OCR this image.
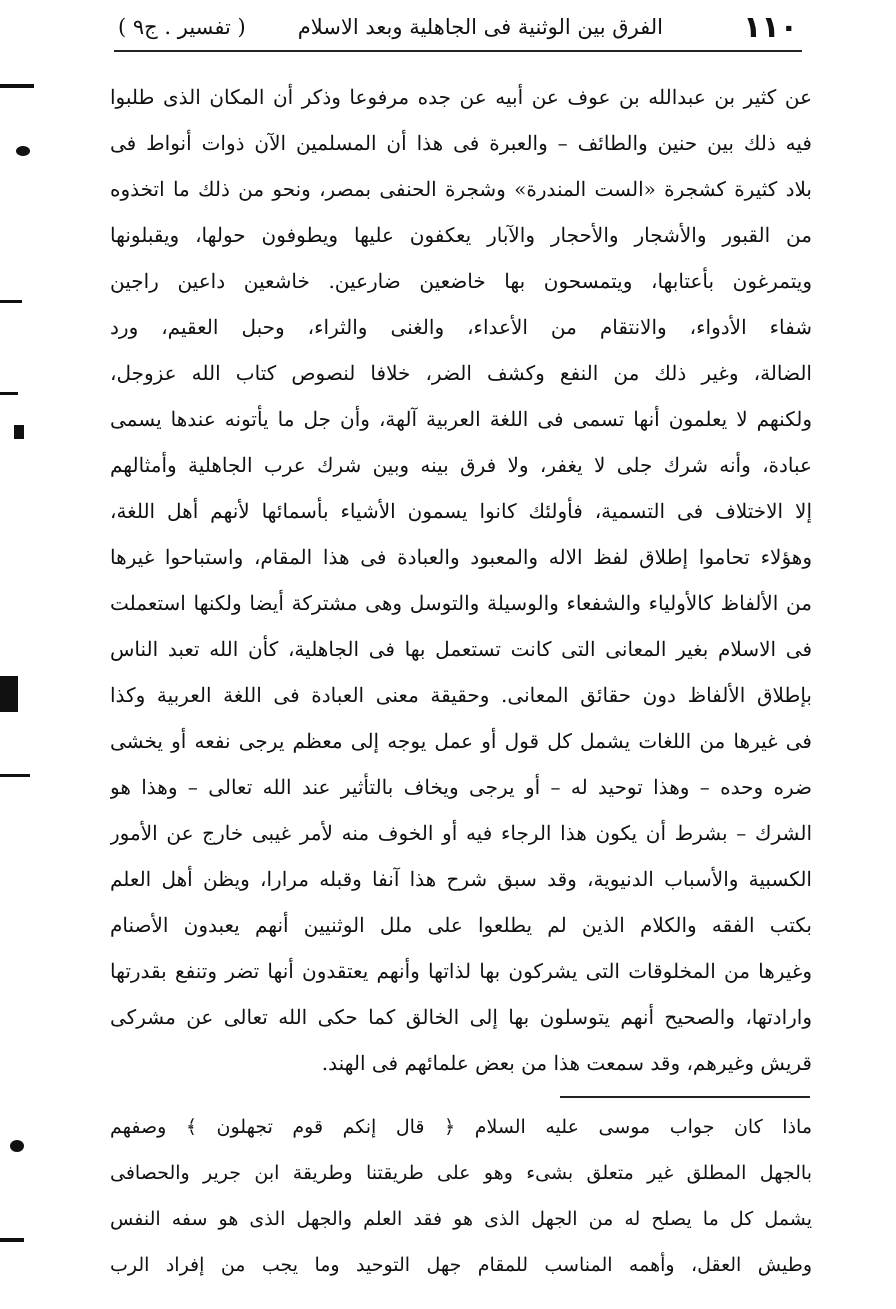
١١٠
الفرق بين الوثنية فى الجاهلية وبعد الاسلام
( تفسير . ج٩ )
عن كثير بن عبدالله بن عوف عن أبيه عن جده مرفوعا وذكر أن المكان الذى طلبوا
فيه ذلك بين حنين والطائف – والعبرة فى هذا أن المسلمين الآن ذوات أنواط فى
بلاد كثيرة كشجرة «الست المندرة» وشجرة الحنفى بمصر، ونحو من ذلك ما اتخذوه
من القبور والأشجار والأحجار والآبار يعكفون عليها ويطوفون حولها، ويقبلونها
ويتمرغون بأعتابها، ويتمسحون بها خاضعين ضارعين. خاشعين داعين راجين
شفاء الأدواء، والانتقام من الأعداء، والغنى والثراء، وحبل العقيم، ورد
الضالة، وغير ذلك من النفع وكشف الضر، خلافا لنصوص كتاب الله عزوجل،
ولكنهم لا يعلمون أنها تسمى فى اللغة العربية آلهة، وأن جل ما يأتونه عندها يسمى
عبادة، وأنه شرك جلى لا يغفر، ولا فرق بينه وبين شرك عرب الجاهلية وأمثالهم
إلا الاختلاف فى التسمية، فأولئك كانوا يسمون الأشياء بأسمائها لأنهم أهل اللغة،
وهؤلاء تحاموا إطلاق لفظ الاله والمعبود والعبادة فى هذا المقام، واستباحوا غيرها
من الألفاظ كالأولياء والشفعاء والوسيلة والتوسل وهى مشتركة أيضا ولكنها استعملت
فى الاسلام بغير المعانى التى كانت تستعمل بها فى الجاهلية، كأن الله تعبد الناس
بإطلاق الألفاظ دون حقائق المعانى. وحقيقة معنى العبادة فى اللغة العربية وكذا
فى غيرها من اللغات يشمل كل قول أو عمل يوجه إلى معظم يرجى نفعه أو يخشى
ضره وحده – وهذا توحيد له – أو يرجى ويخاف بالتأثير عند الله تعالى – وهذا هو
الشرك – بشرط أن يكون هذا الرجاء فيه أو الخوف منه لأمر غيبى خارج عن الأمور
الكسبية والأسباب الدنيوية، وقد سبق شرح هذا آنفا وقبله مرارا، ويظن أهل العلم
بكتب الفقه والكلام الذين لم يطلعوا على ملل الوثنيين أنهم يعبدون الأصنام
وغيرها من المخلوقات التى يشركون بها لذاتها وأنهم يعتقدون أنها تضر وتنفع بقدرتها
وارادتها، والصحيح أنهم يتوسلون بها إلى الخالق كما حكى الله تعالى عن مشركى
قريش وغيرهم، وقد سمعت هذا من بعض علمائهم فى الهند.
ماذا كان جواب موسى عليه السلام ﴿ قال إنكم قوم تجهلون ﴾ وصفهم
بالجهل المطلق غير متعلق بشىء وهو على طريقتنا وطريقة ابن جرير والحصافى
يشمل كل ما يصلح له من الجهل الذى هو فقد العلم والجهل الذى هو سفه النفس
وطيش العقل، وأهمه المناسب للمقام جهل التوحيد وما يجب من إفراد الرب
